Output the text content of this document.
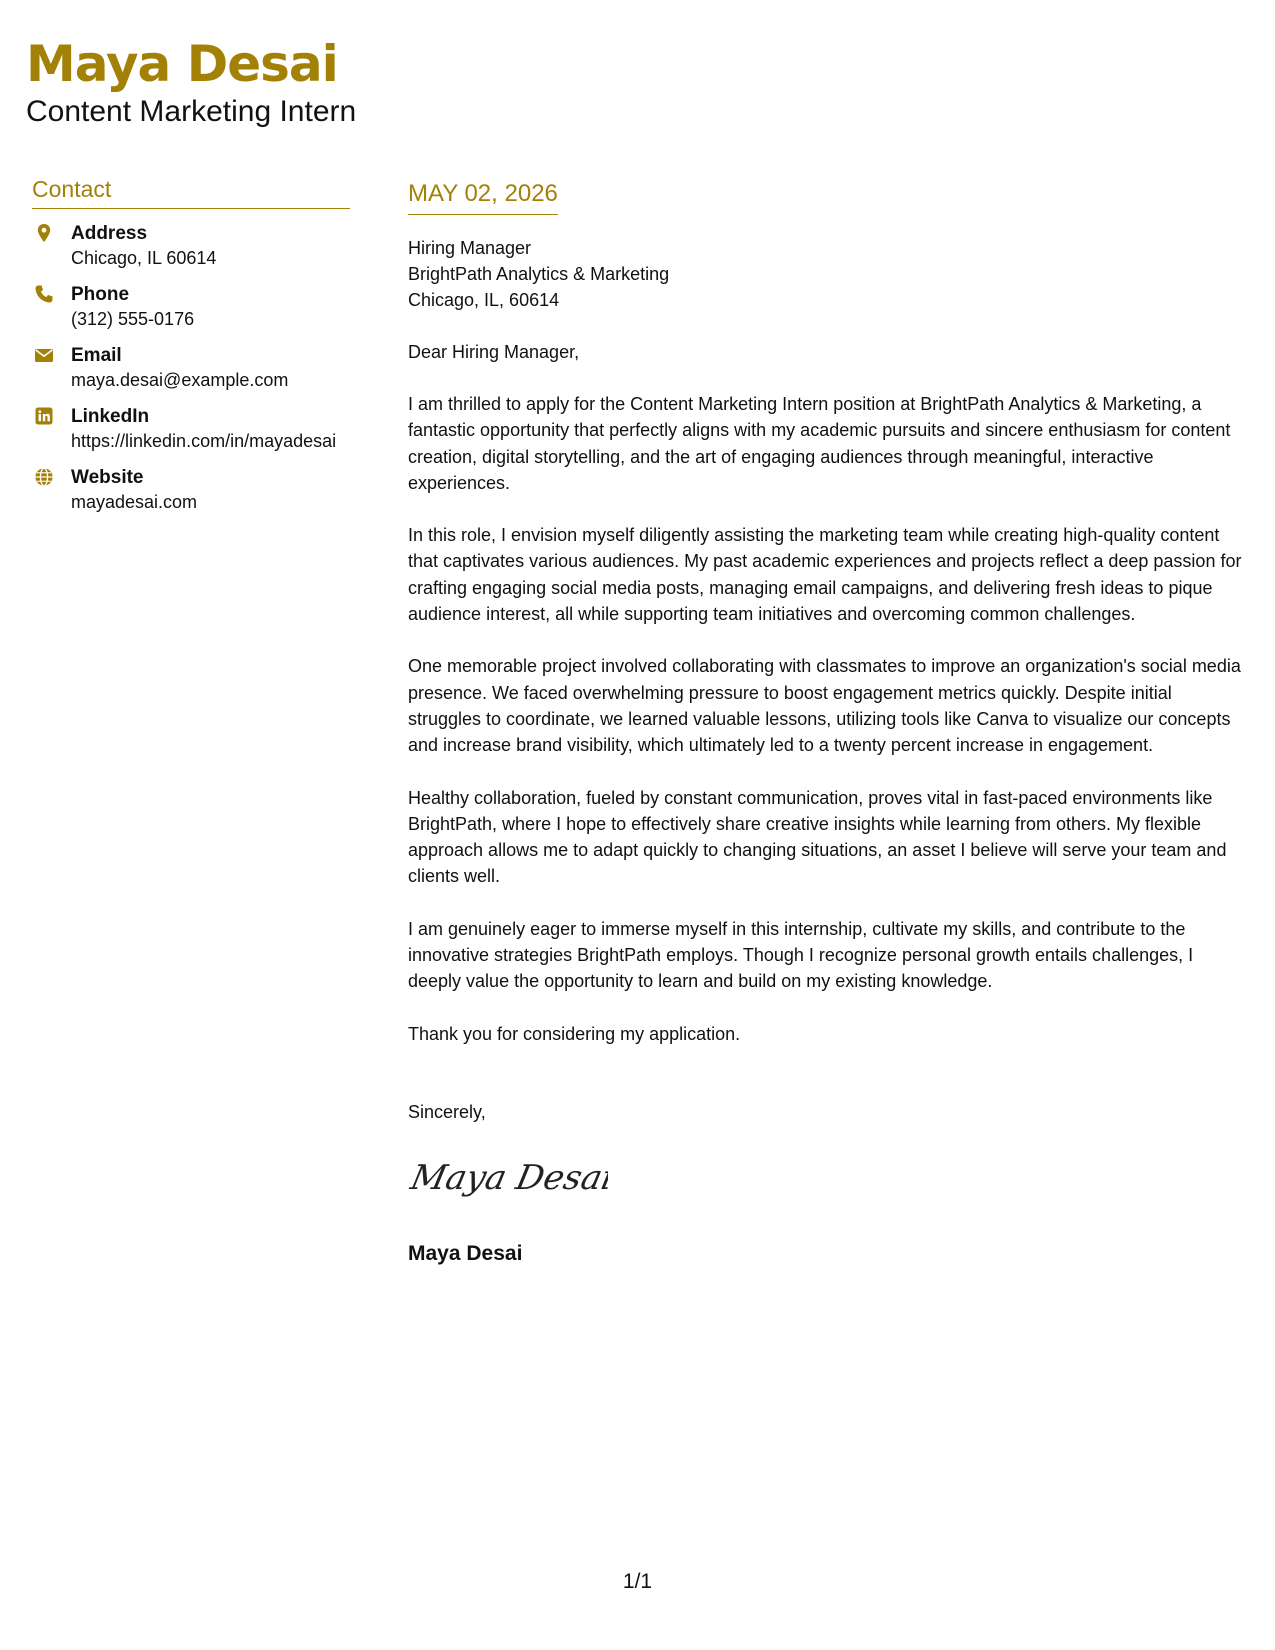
Maya Desai
Content Marketing Intern
Contact
Address
Chicago, IL 60614
Phone
(312) 555-0176
Email
maya.desai@example.com
LinkedIn
https://linkedin.com/in/mayadesai
Website
mayadesai.com
MAY 02, 2026
Hiring Manager
BrightPath Analytics & Marketing
Chicago, IL, 60614
Dear Hiring Manager,
I am thrilled to apply for the Content Marketing Intern position at BrightPath Analytics & Marketing, a fantastic opportunity that perfectly aligns with my academic pursuits and sincere enthusiasm for content creation, digital storytelling, and the art of engaging audiences through meaningful, interactive experiences.
In this role, I envision myself diligently assisting the marketing team while creating high-quality content that captivates various audiences. My past academic experiences and projects reflect a deep passion for crafting engaging social media posts, managing email campaigns, and delivering fresh ideas to pique audience interest, all while supporting team initiatives and overcoming common challenges.
One memorable project involved collaborating with classmates to improve an organization's social media presence. We faced overwhelming pressure to boost engagement metrics quickly. Despite initial struggles to coordinate, we learned valuable lessons, utilizing tools like Canva to visualize our concepts and increase brand visibility, which ultimately led to a twenty percent increase in engagement.
Healthy collaboration, fueled by constant communication, proves vital in fast-paced environments like BrightPath, where I hope to effectively share creative insights while learning from others. My flexible approach allows me to adapt quickly to changing situations, an asset I believe will serve your team and clients well.
I am genuinely eager to immerse myself in this internship, cultivate my skills, and contribute to the innovative strategies BrightPath employs. Though I recognize personal growth entails challenges, I deeply value the opportunity to learn and build on my existing knowledge.
Thank you for considering my application.
Sincerely,
Maya Desai
Maya Desai
1/1
